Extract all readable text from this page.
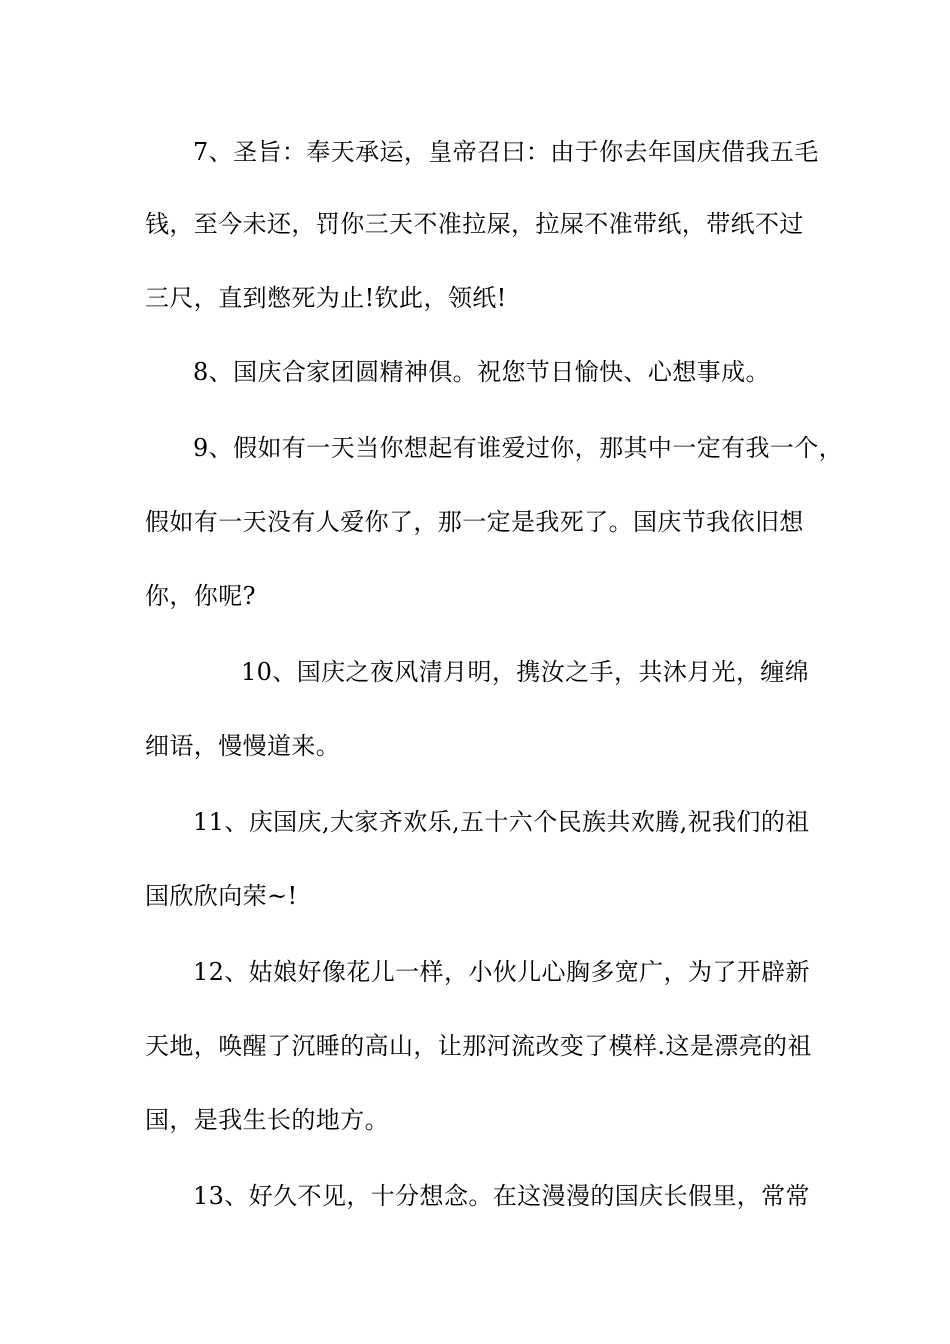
7、圣旨：奉天承运，皇帝召曰：由于你去年国庆借我五毛
钱，至今未还，罚你三天不准拉屎，拉屎不准带纸，带纸不过
三尺，直到憋死为止!钦此，领纸!
8、国庆合家团圆精神俱。祝您节日愉快、心想事成。
9、假如有一天当你想起有谁爱过你，那其中一定有我一个，
假如有一天没有人爱你了，那一定是我死了。国庆节我依旧想
你，你呢?
10、国庆之夜风清月明，携汝之手，共沐月光，缠绵
细语，慢慢道来。
11、庆国庆,大家齐欢乐,五十六个民族共欢腾,祝我们的祖
国欣欣向荣~!
12、姑娘好像花儿一样，小伙儿心胸多宽广，为了开辟新
天地，唤醒了沉睡的高山，让那河流改变了模样.这是漂亮的祖
国，是我生长的地方。
13、好久不见，十分想念。在这漫漫的国庆长假里，常常
